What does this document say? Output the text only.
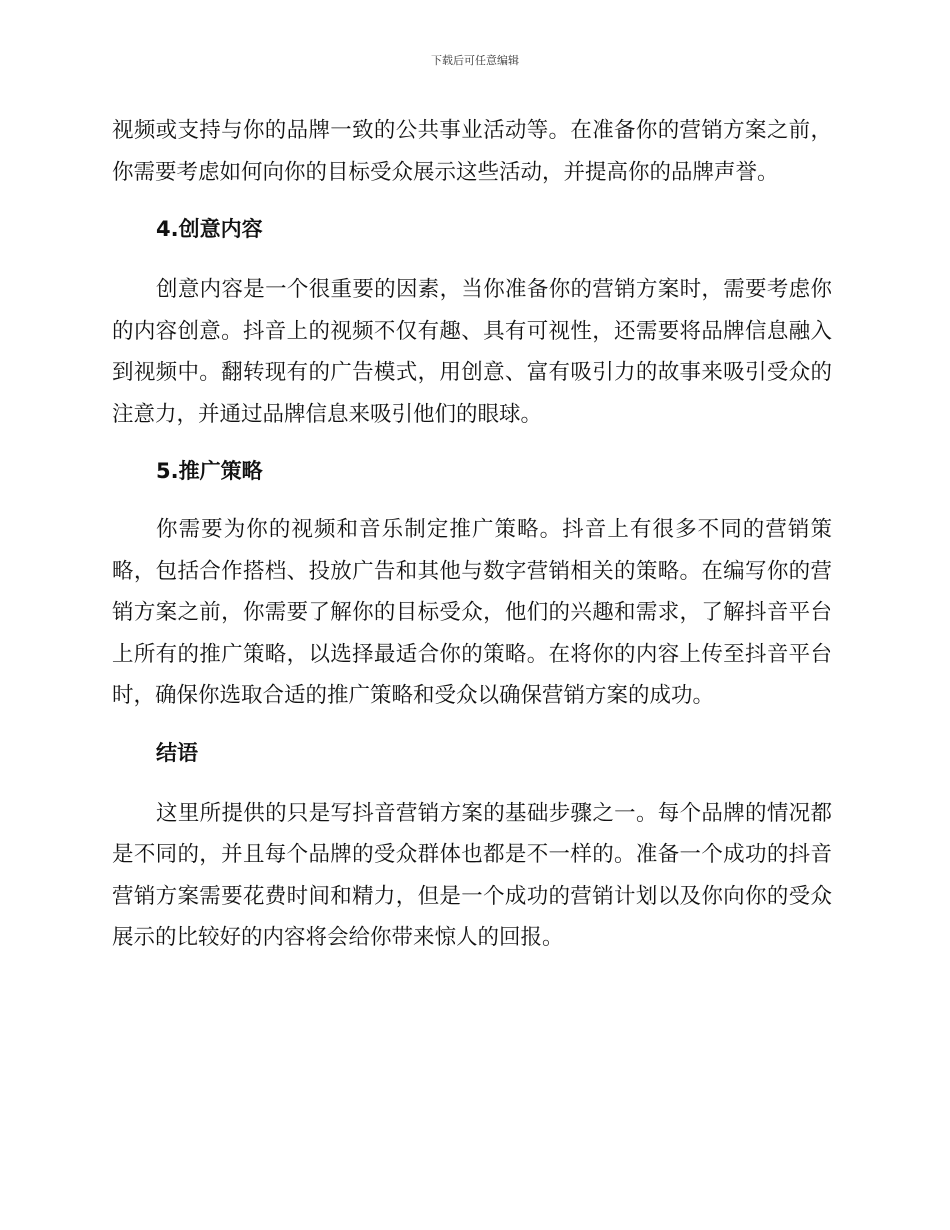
下载后可任意编辑

视频或支持与你的品牌一致的公共事业活动等。在准备你的营销方案之前，你需要考虑如何向你的目标受众展示这些活动，并提高你的品牌声誉。

4.创意内容

创意内容是一个很重要的因素，当你准备你的营销方案时，需要考虑你的内容创意。抖音上的视频不仅有趣、具有可视性，还需要将品牌信息融入到视频中。翻转现有的广告模式，用创意、富有吸引力的故事来吸引受众的注意力，并通过品牌信息来吸引他们的眼球。

5.推广策略

你需要为你的视频和音乐制定推广策略。抖音上有很多不同的营销策略，包括合作搭档、投放广告和其他与数字营销相关的策略。在编写你的营销方案之前，你需要了解你的目标受众，他们的兴趣和需求，了解抖音平台上所有的推广策略，以选择最适合你的策略。在将你的内容上传至抖音平台时，确保你选取合适的推广策略和受众以确保营销方案的成功。

结语

这里所提供的只是写抖音营销方案的基础步骤之一。每个品牌的情况都是不同的，并且每个品牌的受众群体也都是不一样的。准备一个成功的抖音营销方案需要花费时间和精力，但是一个成功的营销计划以及你向你的受众展示的比较好的内容将会给你带来惊人的回报。
